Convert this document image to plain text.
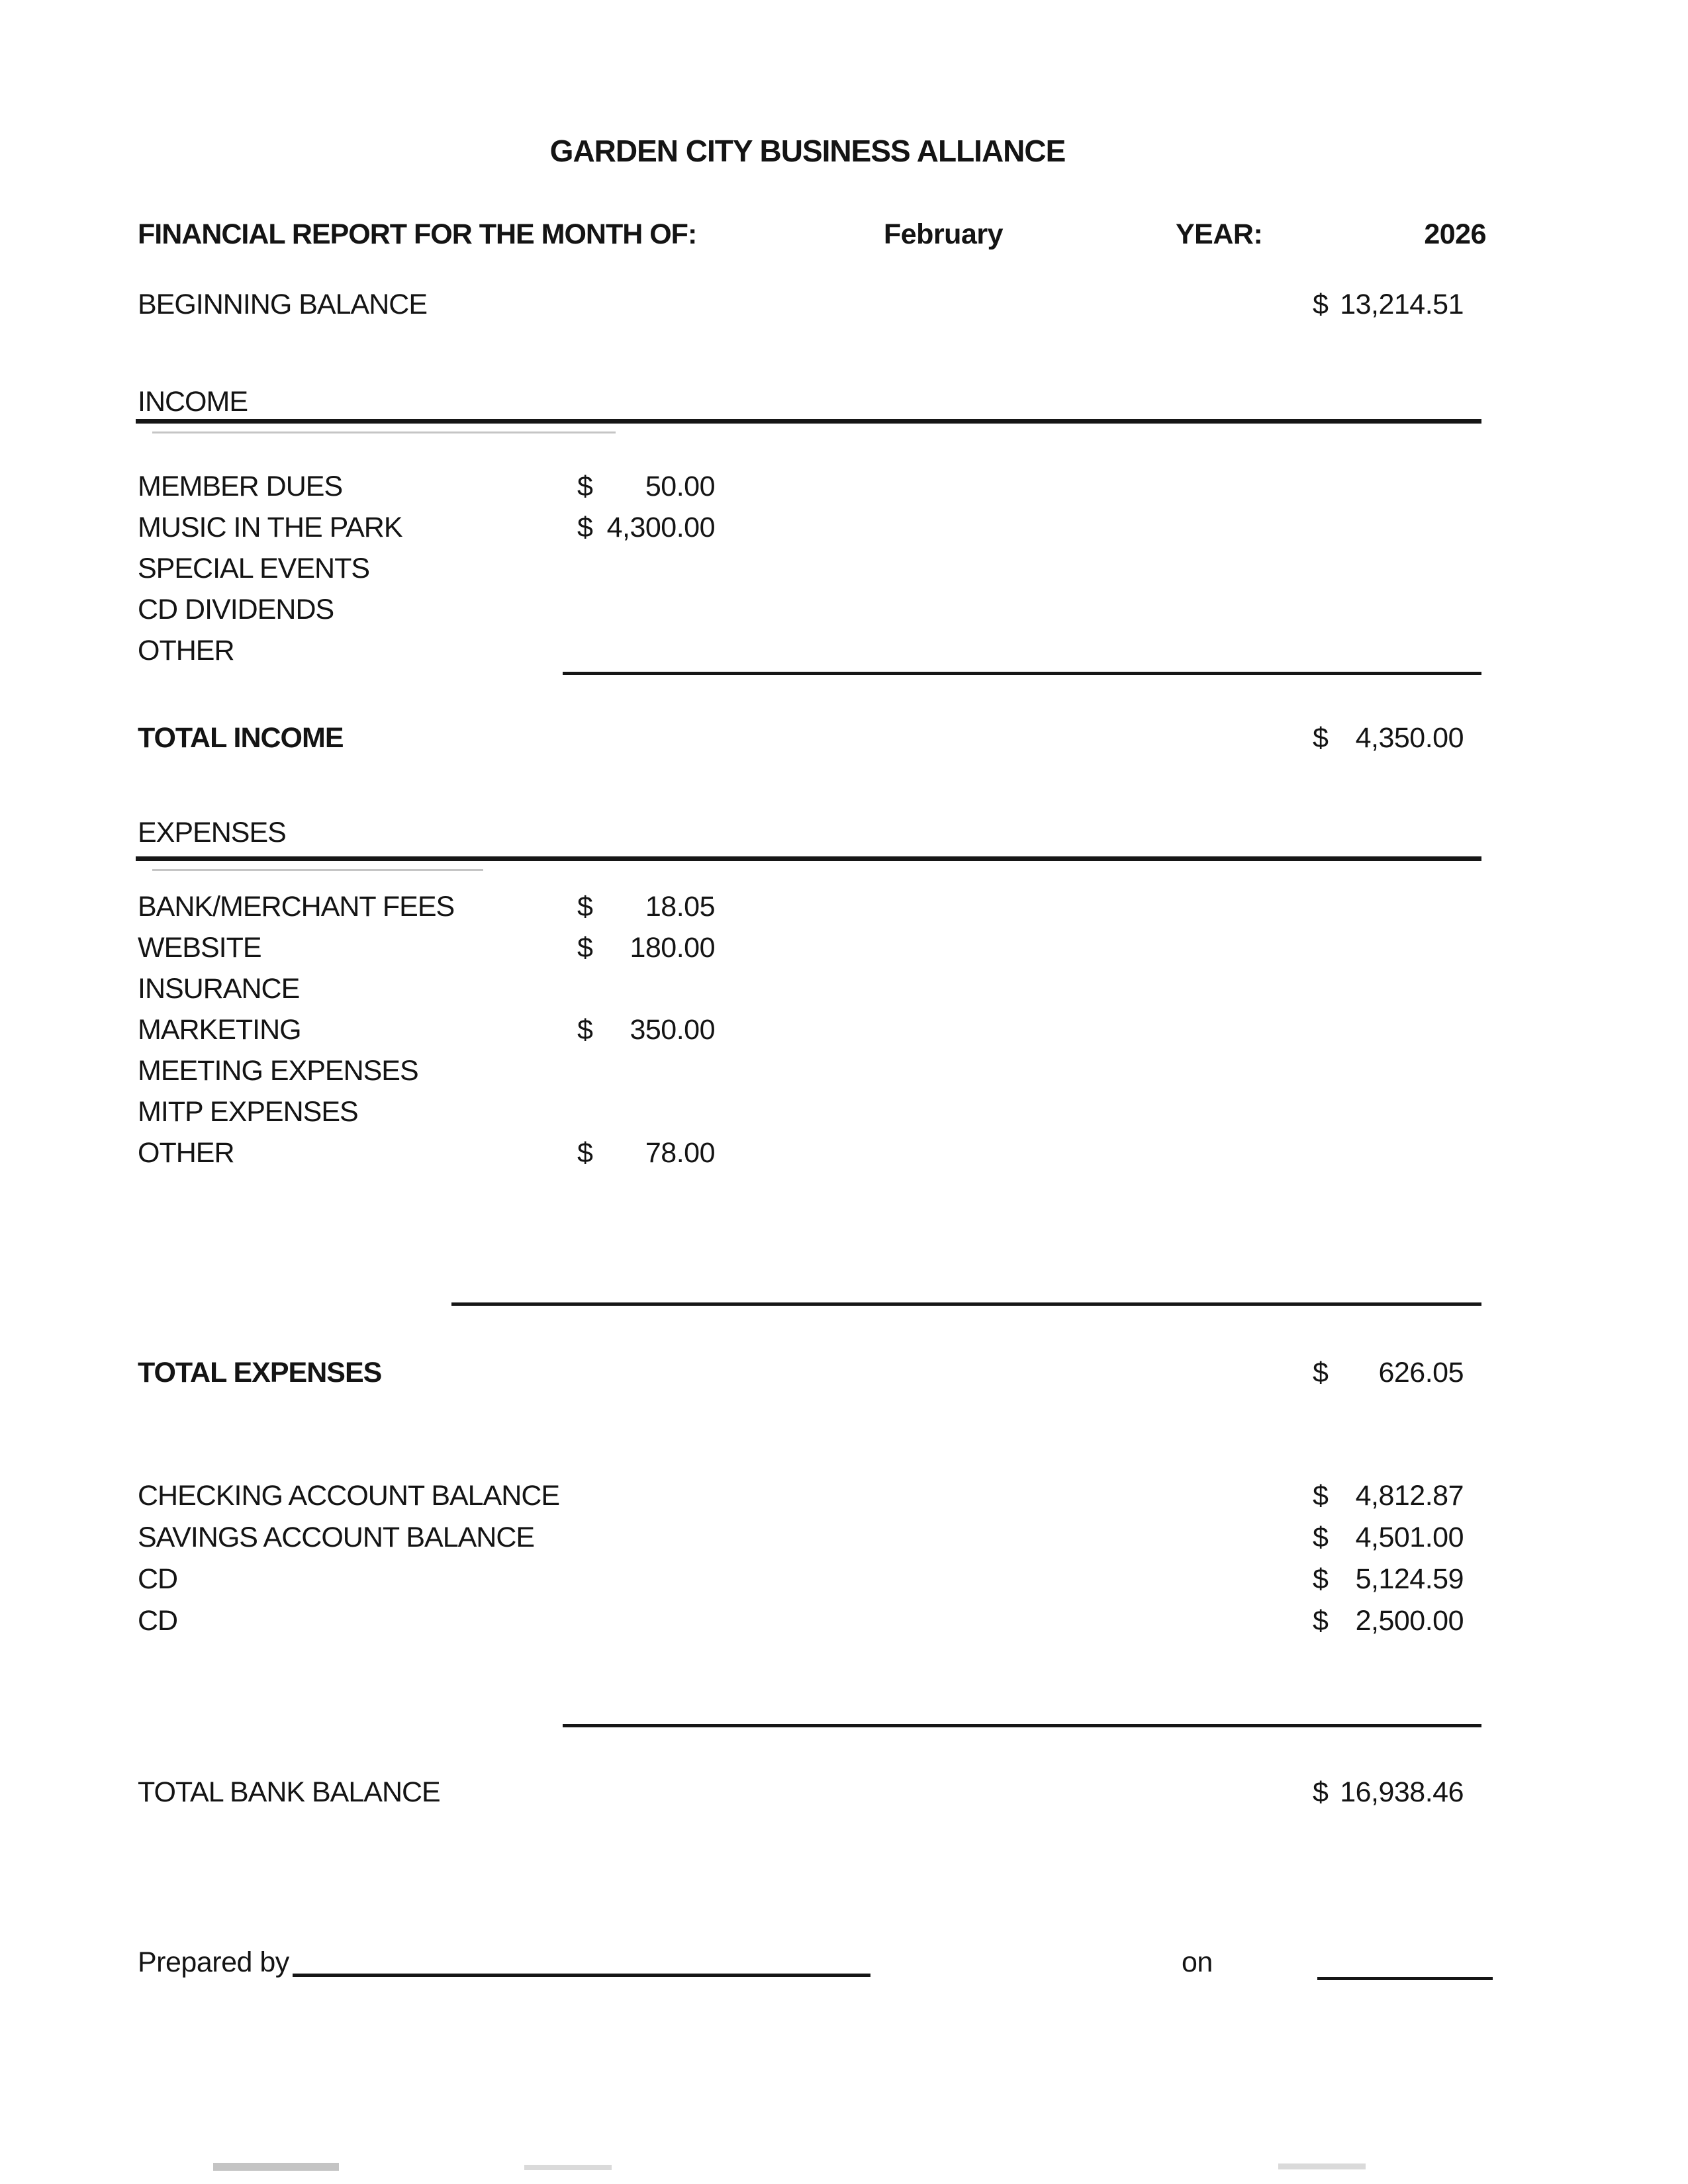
GARDEN CITY BUSINESS ALLIANCE
FINANCIAL REPORT FOR THE MONTH OF:	February	YEAR:	2026
BEGINNING BALANCE	$ 13,214.51
INCOME
MEMBER DUES	$ 50.00
MUSIC IN THE PARK	$ 4,300.00
SPECIAL EVENTS
CD DIVIDENDS
OTHER
TOTAL INCOME	$ 4,350.00
EXPENSES
BANK/MERCHANT FEES	$ 18.05
WEBSITE	$ 180.00
INSURANCE
MARKETING	$ 350.00
MEETING EXPENSES
MITP EXPENSES
OTHER	$ 78.00
TOTAL EXPENSES	$ 626.05
CHECKING ACCOUNT BALANCE	$ 4,812.87
SAVINGS ACCOUNT BALANCE	$ 4,501.00
CD	$ 5,124.59
CD	$ 2,500.00
TOTAL BANK BALANCE	$ 16,938.46
Prepared by	on
